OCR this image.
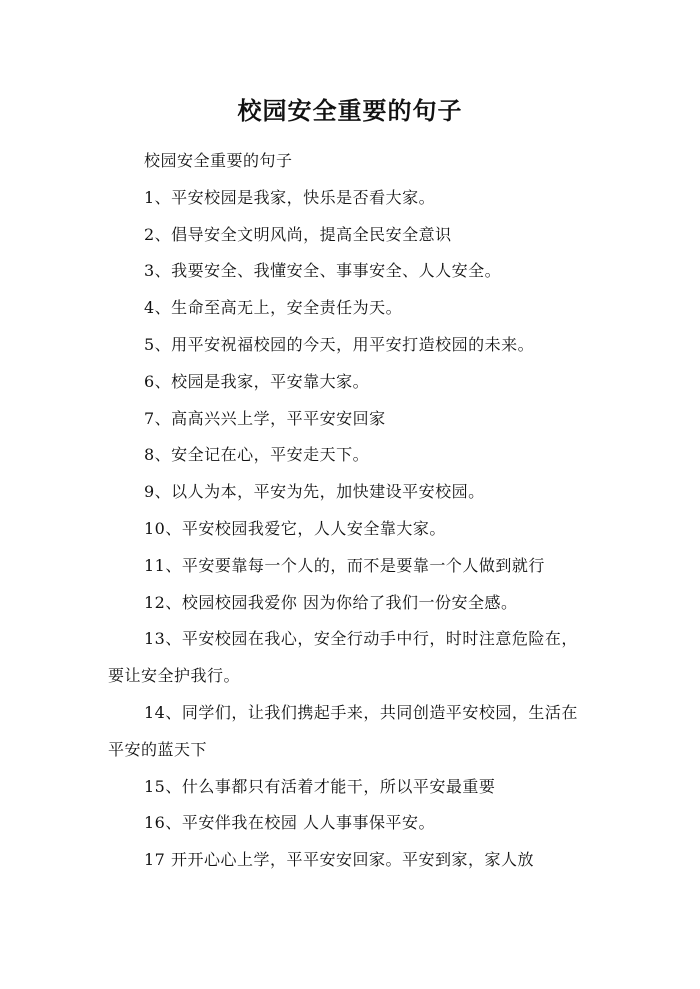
校园安全重要的句子

校园安全重要的句子

1、平安校园是我家，快乐是否看大家。

2、倡导安全文明风尚，提高全民安全意识

3、我要安全、我懂安全、事事安全、人人安全。

4、生命至高无上，安全责任为天。

5、用平安祝福校园的今天，用平安打造校园的未来。

6、校园是我家，平安靠大家。

7、高高兴兴上学，平平安安回家

8、安全记在心，平安走天下。

9、以人为本，平安为先，加快建设平安校园。

10、平安校园我爱它，人人安全靠大家。

11、平安要靠每一个人的，而不是要靠一个人做到就行

12、校园校园我爱你 因为你给了我们一份安全感。

13、平安校园在我心，安全行动手中行，时时注意危险在，要让安全护我行。

14、同学们，让我们携起手来，共同创造平安校园，生活在平安的蓝天下

15、什么事都只有活着才能干，所以平安最重要

16、平安伴我在校园 人人事事保平安。

17 开开心心上学，平平安安回家。平安到家，家人放
